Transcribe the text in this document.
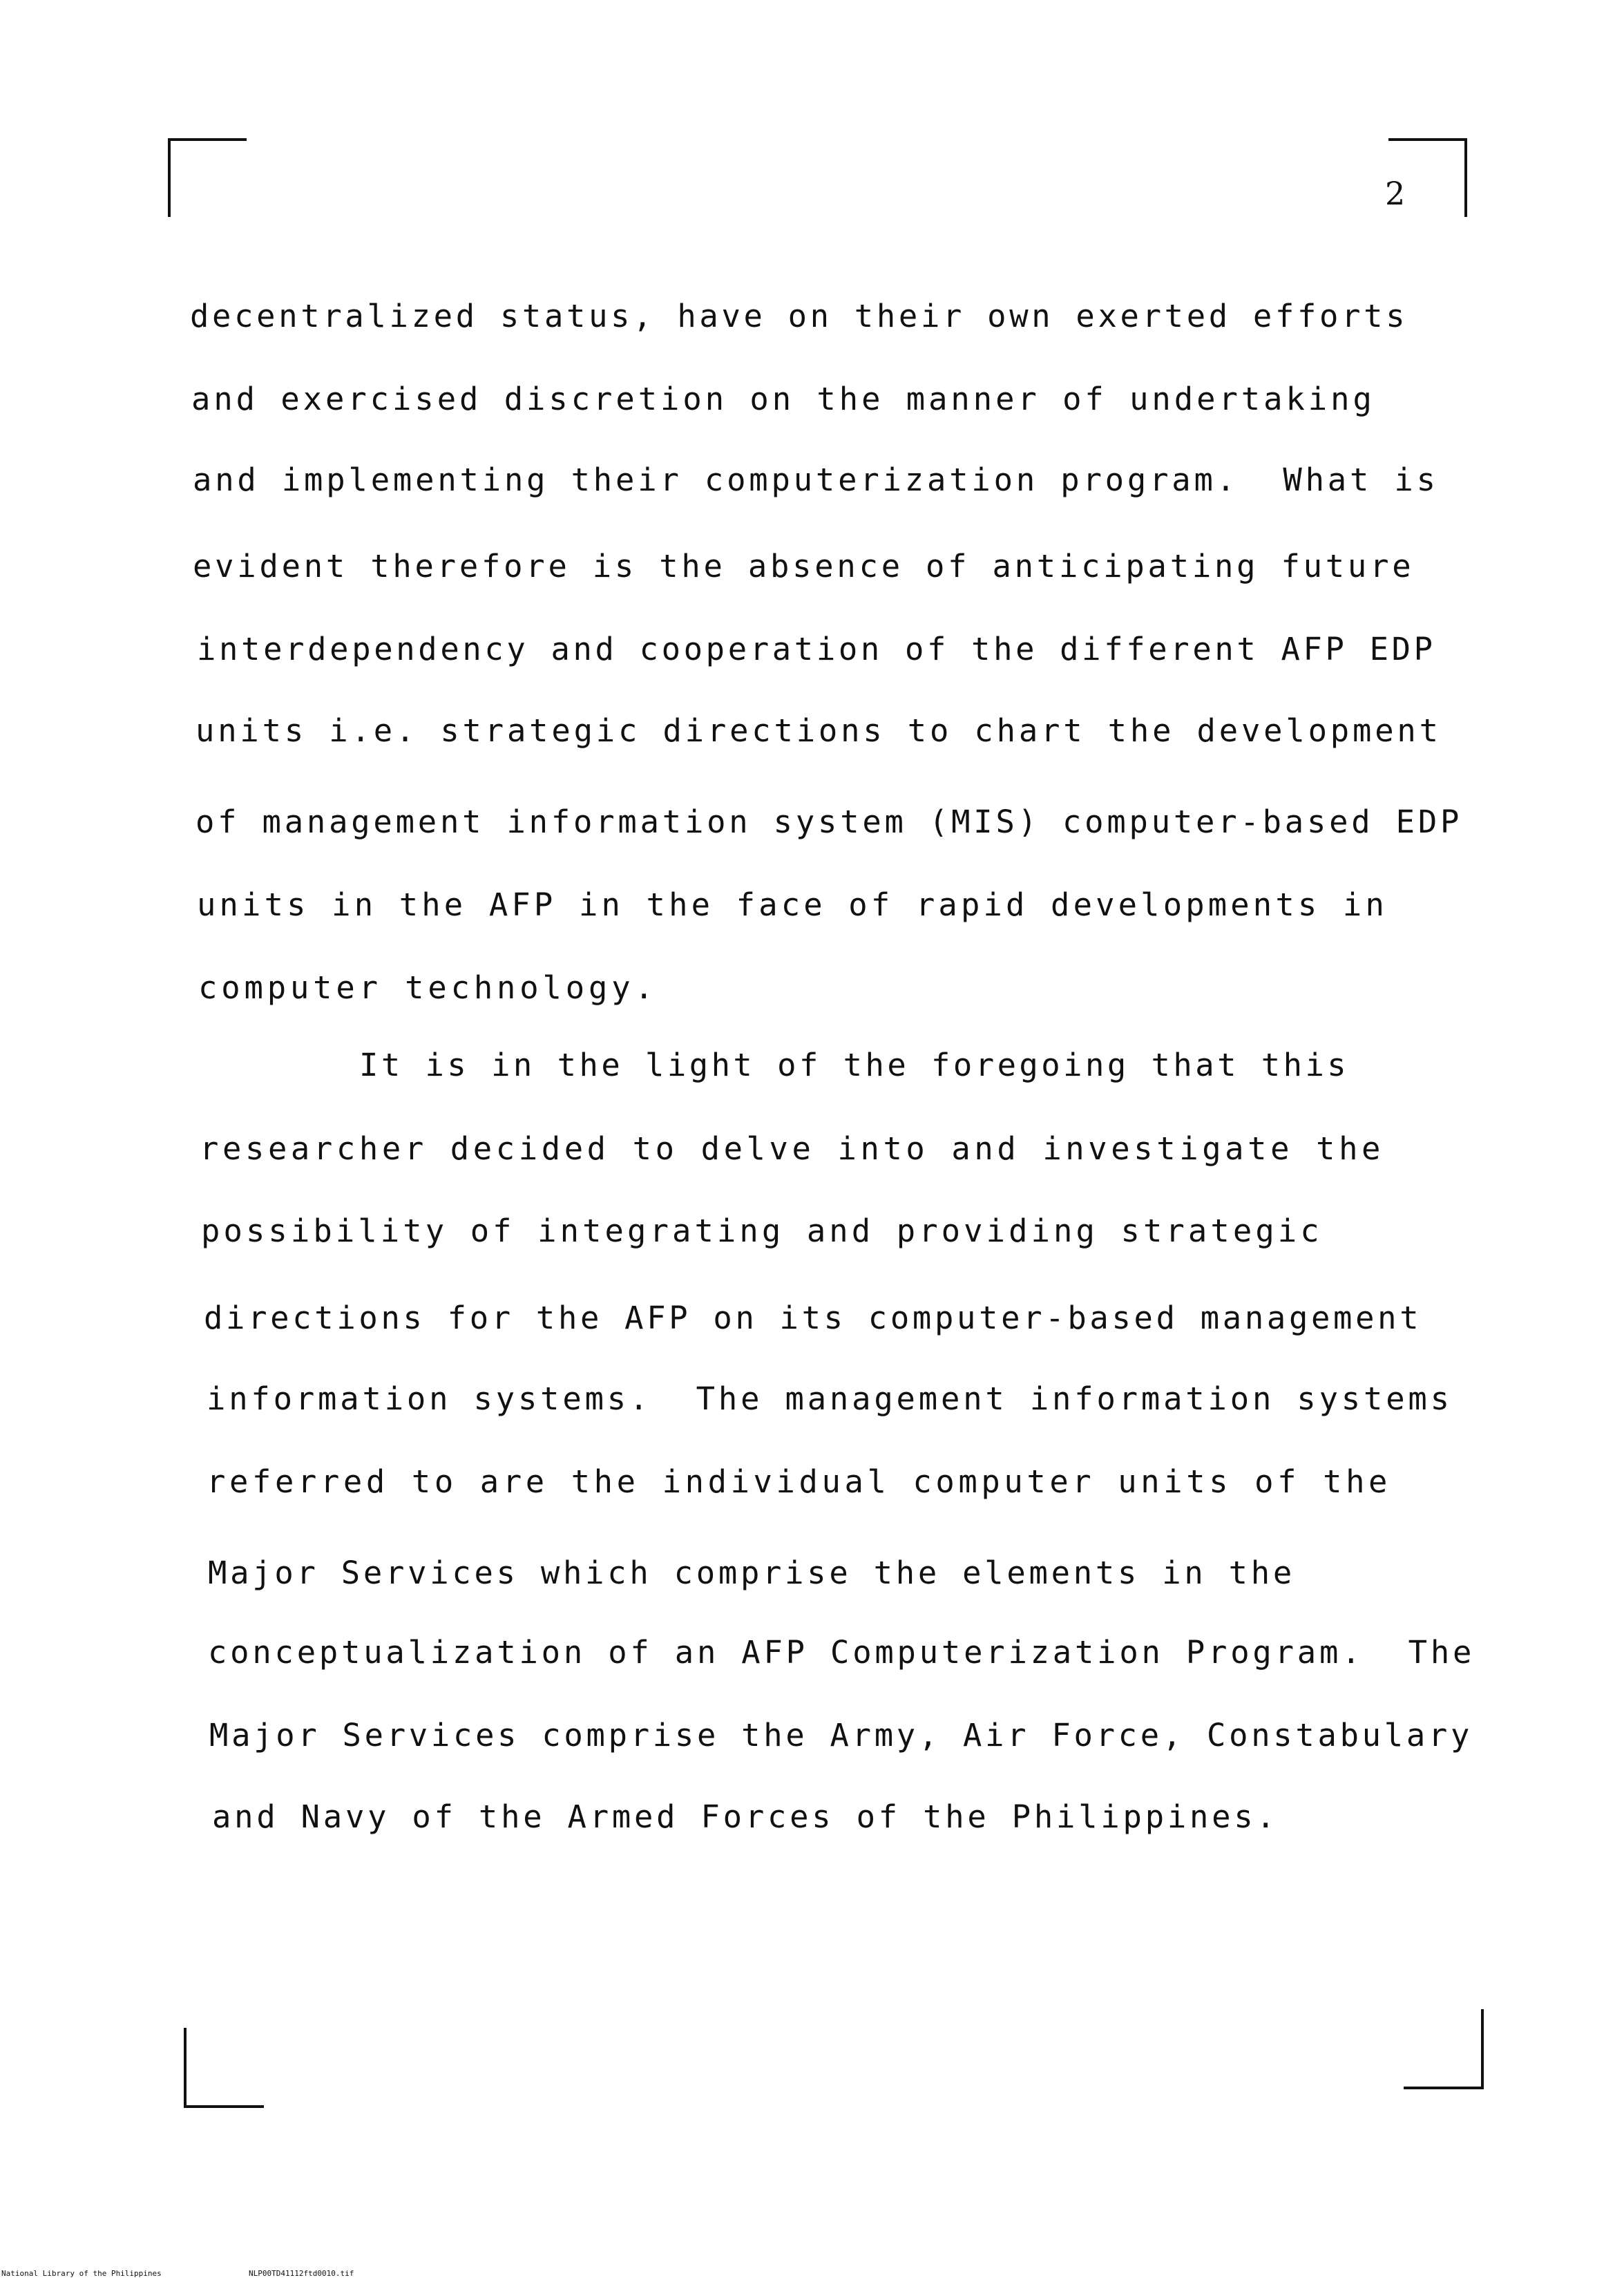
2
decentralized status, have on their own exerted efforts
and exercised discretion on the manner of undertaking
and implementing their computerization program.  What is
evident therefore is the absence of anticipating future
interdependency and cooperation of the different AFP EDP
units i.e. strategic directions to chart the development
of management information system (MIS) computer-based EDP
units in the AFP in the face of rapid developments in
computer technology.
It is in the light of the foregoing that this
researcher decided to delve into and investigate the
possibility of integrating and providing strategic
directions for the AFP on its computer-based management
information systems.  The management information systems
referred to are the individual computer units of the
Major Services which comprise the elements in the
conceptualization of an AFP Computerization Program.  The
Major Services comprise the Army, Air Force, Constabulary
and Navy of the Armed Forces of the Philippines.
National Library of the Philippines	NLP00TD41112ftd0010.tif
